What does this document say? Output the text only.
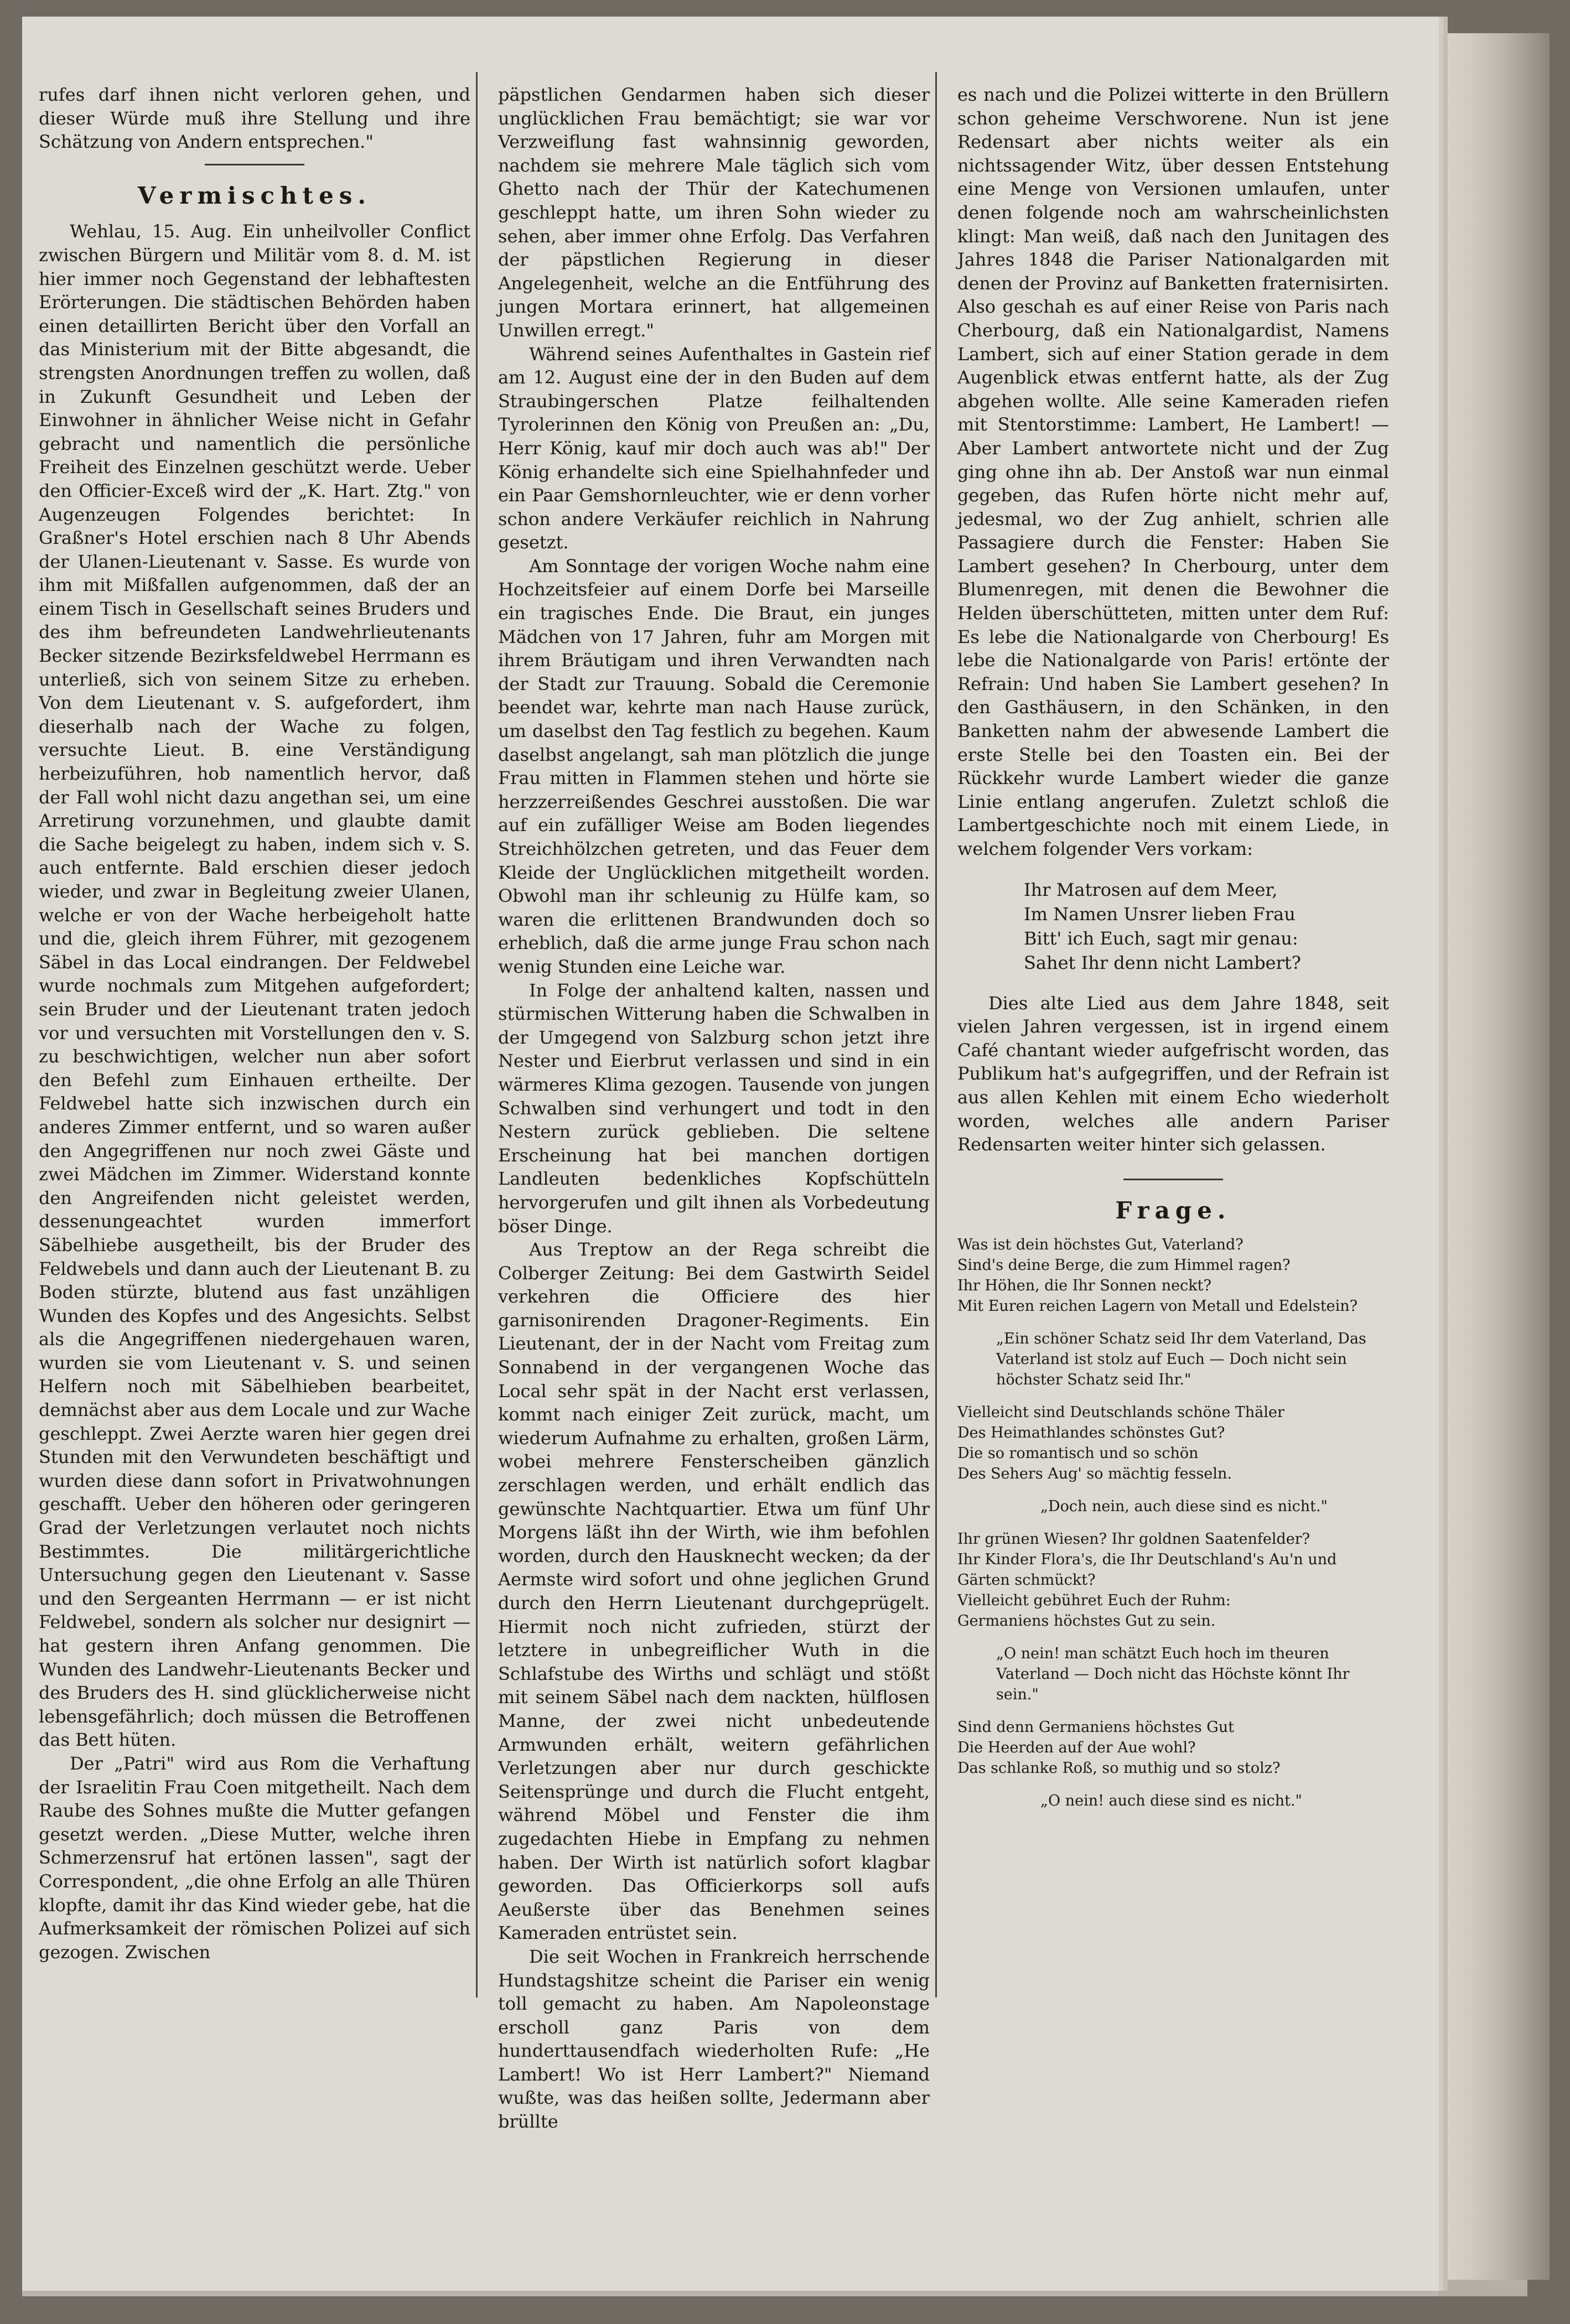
rufes darf ihnen nicht verloren gehen, und dieser Würde muß ihre Stellung und ihre Schätzung von Andern entsprechen."

Vermischtes.

Wehlau, 15. Aug. Ein unheilvoller Conflict zwischen Bürgern und Militär vom 8. d. M. ist hier immer noch Gegenstand der lebhaftesten Erörterungen. Die städtischen Behörden haben einen detaillirten Bericht über den Vorfall an das Ministerium mit der Bitte abgesandt, die strengsten Anordnungen treffen zu wollen, daß in Zukunft Gesundheit und Leben der Einwohner in ähnlicher Weise nicht in Gefahr gebracht und namentlich die persönliche Freiheit des Einzelnen geschützt werde. Ueber den Officier-Exceß wird der „K. Hart. Ztg." von Augenzeugen Folgendes berichtet: In Graßner's Hotel erschien nach 8 Uhr Abends der Ulanen-Lieutenant v. Sasse. Es wurde von ihm mit Mißfallen aufgenommen, daß der an einem Tisch in Gesellschaft seines Bruders und des ihm befreundeten Landwehrlieutenants Becker sitzende Bezirksfeldwebel Herrmann es unterließ, sich von seinem Sitze zu erheben. Von dem Lieutenant v. S. aufgefordert, ihm dieserhalb nach der Wache zu folgen, versuchte Lieut. B. eine Verständigung herbeizuführen, hob namentlich hervor, daß der Fall wohl nicht dazu angethan sei, um eine Arretirung vorzunehmen, und glaubte damit die Sache beigelegt zu haben, indem sich v. S. auch entfernte. Bald erschien dieser jedoch wieder, und zwar in Begleitung zweier Ulanen, welche er von der Wache herbeigeholt hatte und die, gleich ihrem Führer, mit gezogenem Säbel in das Local eindrangen. Der Feldwebel wurde nochmals zum Mitgehen aufgefordert; sein Bruder und der Lieutenant traten jedoch vor und versuchten mit Vorstellungen den v. S. zu beschwichtigen, welcher nun aber sofort den Befehl zum Einhauen ertheilte. Der Feldwebel hatte sich inzwischen durch ein anderes Zimmer entfernt, und so waren außer den Angegriffenen nur noch zwei Gäste und zwei Mädchen im Zimmer. Widerstand konnte den Angreifenden nicht geleistet werden, dessenungeachtet wurden immerfort Säbelhiebe ausgetheilt, bis der Bruder des Feldwebels und dann auch der Lieutenant B. zu Boden stürzte, blutend aus fast unzähligen Wunden des Kopfes und des Angesichts. Selbst als die Angegriffenen niedergehauen waren, wurden sie vom Lieutenant v. S. und seinen Helfern noch mit Säbelhieben bearbeitet, demnächst aber aus dem Locale und zur Wache geschleppt. Zwei Aerzte waren hier gegen drei Stunden mit den Verwundeten beschäftigt und wurden diese dann sofort in Privatwohnungen geschafft. Ueber den höheren oder geringeren Grad der Verletzungen verlautet noch nichts Bestimmtes. Die militärgerichtliche Untersuchung gegen den Lieutenant v. Sasse und den Sergeanten Herrmann — er ist nicht Feldwebel, sondern als solcher nur designirt — hat gestern ihren Anfang genommen. Die Wunden des Landwehr-Lieutenants Becker und des Bruders des H. sind glücklicherweise nicht lebensgefährlich; doch müssen die Betroffenen das Bett hüten.

Der „Patri" wird aus Rom die Verhaftung der Israelitin Frau Coen mitgetheilt. Nach dem Raube des Sohnes mußte die Mutter gefangen gesetzt werden. „Diese Mutter, welche ihren Schmerzensruf hat ertönen lassen", sagt der Correspondent, „die ohne Erfolg an alle Thüren klopfte, damit ihr das Kind wieder gebe, hat die Aufmerksamkeit der römischen Polizei auf sich gezogen. Zwischen

päpstlichen Gendarmen haben sich dieser unglücklichen Frau bemächtigt; sie war vor Verzweiflung fast wahnsinnig geworden, nachdem sie mehrere Male täglich sich vom Ghetto nach der Thür der Katechumenen geschleppt hatte, um ihren Sohn wieder zu sehen, aber immer ohne Erfolg. Das Verfahren der päpstlichen Regierung in dieser Angelegenheit, welche an die Entführung des jungen Mortara erinnert, hat allgemeinen Unwillen erregt."

Während seines Aufenthaltes in Gastein rief am 12. August eine der in den Buden auf dem Straubingerschen Platze feilhaltenden Tyrolerinnen den König von Preußen an: „Du, Herr König, kauf mir doch auch was ab!" Der König erhandelte sich eine Spielhahnfeder und ein Paar Gemshornleuchter, wie er denn vorher schon andere Verkäufer reichlich in Nahrung gesetzt.

Am Sonntage der vorigen Woche nahm eine Hochzeitsfeier auf einem Dorfe bei Marseille ein tragisches Ende. Die Braut, ein junges Mädchen von 17 Jahren, fuhr am Morgen mit ihrem Bräutigam und ihren Verwandten nach der Stadt zur Trauung. Sobald die Ceremonie beendet war, kehrte man nach Hause zurück, um daselbst den Tag festlich zu begehen. Kaum daselbst angelangt, sah man plötzlich die junge Frau mitten in Flammen stehen und hörte sie herzzerreißendes Geschrei ausstoßen. Die war auf ein zufälliger Weise am Boden liegendes Streichhölzchen getreten, und das Feuer dem Kleide der Unglücklichen mitgetheilt worden. Obwohl man ihr schleunig zu Hülfe kam, so waren die erlittenen Brandwunden doch so erheblich, daß die arme junge Frau schon nach wenig Stunden eine Leiche war.

In Folge der anhaltend kalten, nassen und stürmischen Witterung haben die Schwalben in der Umgegend von Salzburg schon jetzt ihre Nester und Eierbrut verlassen und sind in ein wärmeres Klima gezogen. Tausende von jungen Schwalben sind verhungert und todt in den Nestern zurück geblieben. Die seltene Erscheinung hat bei manchen dortigen Landleuten bedenkliches Kopfschütteln hervorgerufen und gilt ihnen als Vorbedeutung böser Dinge.

Aus Treptow an der Rega schreibt die Colberger Zeitung: Bei dem Gastwirth Seidel verkehren die Officiere des hier garnisonirenden Dragoner-Regiments. Ein Lieutenant, der in der Nacht vom Freitag zum Sonnabend in der vergangenen Woche das Local sehr spät in der Nacht erst verlassen, kommt nach einiger Zeit zurück, macht, um wiederum Aufnahme zu erhalten, großen Lärm, wobei mehrere Fensterscheiben gänzlich zerschlagen werden, und erhält endlich das gewünschte Nachtquartier. Etwa um fünf Uhr Morgens läßt ihn der Wirth, wie ihm befohlen worden, durch den Hausknecht wecken; da der Aermste wird sofort und ohne jeglichen Grund durch den Herrn Lieutenant durchgeprügelt. Hiermit noch nicht zufrieden, stürzt der letztere in unbegreiflicher Wuth in die Schlafstube des Wirths und schlägt und stößt mit seinem Säbel nach dem nackten, hülflosen Manne, der zwei nicht unbedeutende Armwunden erhält, weitern gefährlichen Verletzungen aber nur durch geschickte Seitensprünge und durch die Flucht entgeht, während Möbel und Fenster die ihm zugedachten Hiebe in Empfang zu nehmen haben. Der Wirth ist natürlich sofort klagbar geworden. Das Officierkorps soll aufs Aeußerste über das Benehmen seines Kameraden entrüstet sein.

Die seit Wochen in Frankreich herrschende Hundstagshitze scheint die Pariser ein wenig toll gemacht zu haben. Am Napoleonstage erscholl ganz Paris von dem hunderttausendfach wiederholten Rufe: „He Lambert! Wo ist Herr Lambert?" Niemand wußte, was das heißen sollte, Jedermann aber brüllte

es nach und die Polizei witterte in den Brüllern schon geheime Verschworene. Nun ist jene Redensart aber nichts weiter als ein nichtssagender Witz, über dessen Entstehung eine Menge von Versionen umlaufen, unter denen folgende noch am wahrscheinlichsten klingt: Man weiß, daß nach den Junitagen des Jahres 1848 die Pariser Nationalgarden mit denen der Provinz auf Banketten fraternisirten. Also geschah es auf einer Reise von Paris nach Cherbourg, daß ein Nationalgardist, Namens Lambert, sich auf einer Station gerade in dem Augenblick etwas entfernt hatte, als der Zug abgehen wollte. Alle seine Kameraden riefen mit Stentorstimme: Lambert, He Lambert! — Aber Lambert antwortete nicht und der Zug ging ohne ihn ab. Der Anstoß war nun einmal gegeben, das Rufen hörte nicht mehr auf, jedesmal, wo der Zug anhielt, schrien alle Passagiere durch die Fenster: Haben Sie Lambert gesehen? In Cherbourg, unter dem Blumenregen, mit denen die Bewohner die Helden überschütteten, mitten unter dem Ruf: Es lebe die Nationalgarde von Cherbourg! Es lebe die Nationalgarde von Paris! ertönte der Refrain: Und haben Sie Lambert gesehen? In den Gasthäusern, in den Schänken, in den Banketten nahm der abwesende Lambert die erste Stelle bei den Toasten ein. Bei der Rückkehr wurde Lambert wieder die ganze Linie entlang angerufen. Zuletzt schloß die Lambertgeschichte noch mit einem Liede, in welchem folgender Vers vorkam:

Ihr Matrosen auf dem Meer,
Im Namen Unsrer lieben Frau
Bitt' ich Euch, sagt mir genau:
Sahet Ihr denn nicht Lambert?

Dies alte Lied aus dem Jahre 1848, seit vielen Jahren vergessen, ist in irgend einem Café chantant wieder aufgefrischt worden, das Publikum hat's aufgegriffen, und der Refrain ist aus allen Kehlen mit einem Echo wiederholt worden, welches alle andern Pariser Redensarten weiter hinter sich gelassen.

Frage.
Was ist dein höchstes Gut, Vaterland?
Sind's deine Berge, die zum Himmel ragen?
Ihr Höhen, die Ihr Sonnen neckt?
Mit Euren reichen Lagern von Metall und Edelstein?
„Ein schöner Schatz seid Ihr dem Vaterland, Das Vaterland ist stolz auf Euch — Doch nicht sein höchster Schatz seid Ihr."
Vielleicht sind Deutschlands schöne Thäler
Des Heimathlandes schönstes Gut?
Die so romantisch und so schön
Des Sehers Aug' so mächtig fesseln.
„Doch nein, auch diese sind es nicht."
Ihr grünen Wiesen? Ihr goldnen Saatenfelder?
Ihr Kinder Flora's, die Ihr Deutschland's Au'n und Gärten schmückt?
Vielleicht gebühret Euch der Ruhm:
Germaniens höchstes Gut zu sein.
„O nein! man schätzt Euch hoch im theuren Vaterland — Doch nicht das Höchste könnt Ihr sein."
Sind denn Germaniens höchstes Gut
Die Heerden auf der Aue wohl?
Das schlanke Roß, so muthig und so stolz?
„O nein! auch diese sind es nicht."
